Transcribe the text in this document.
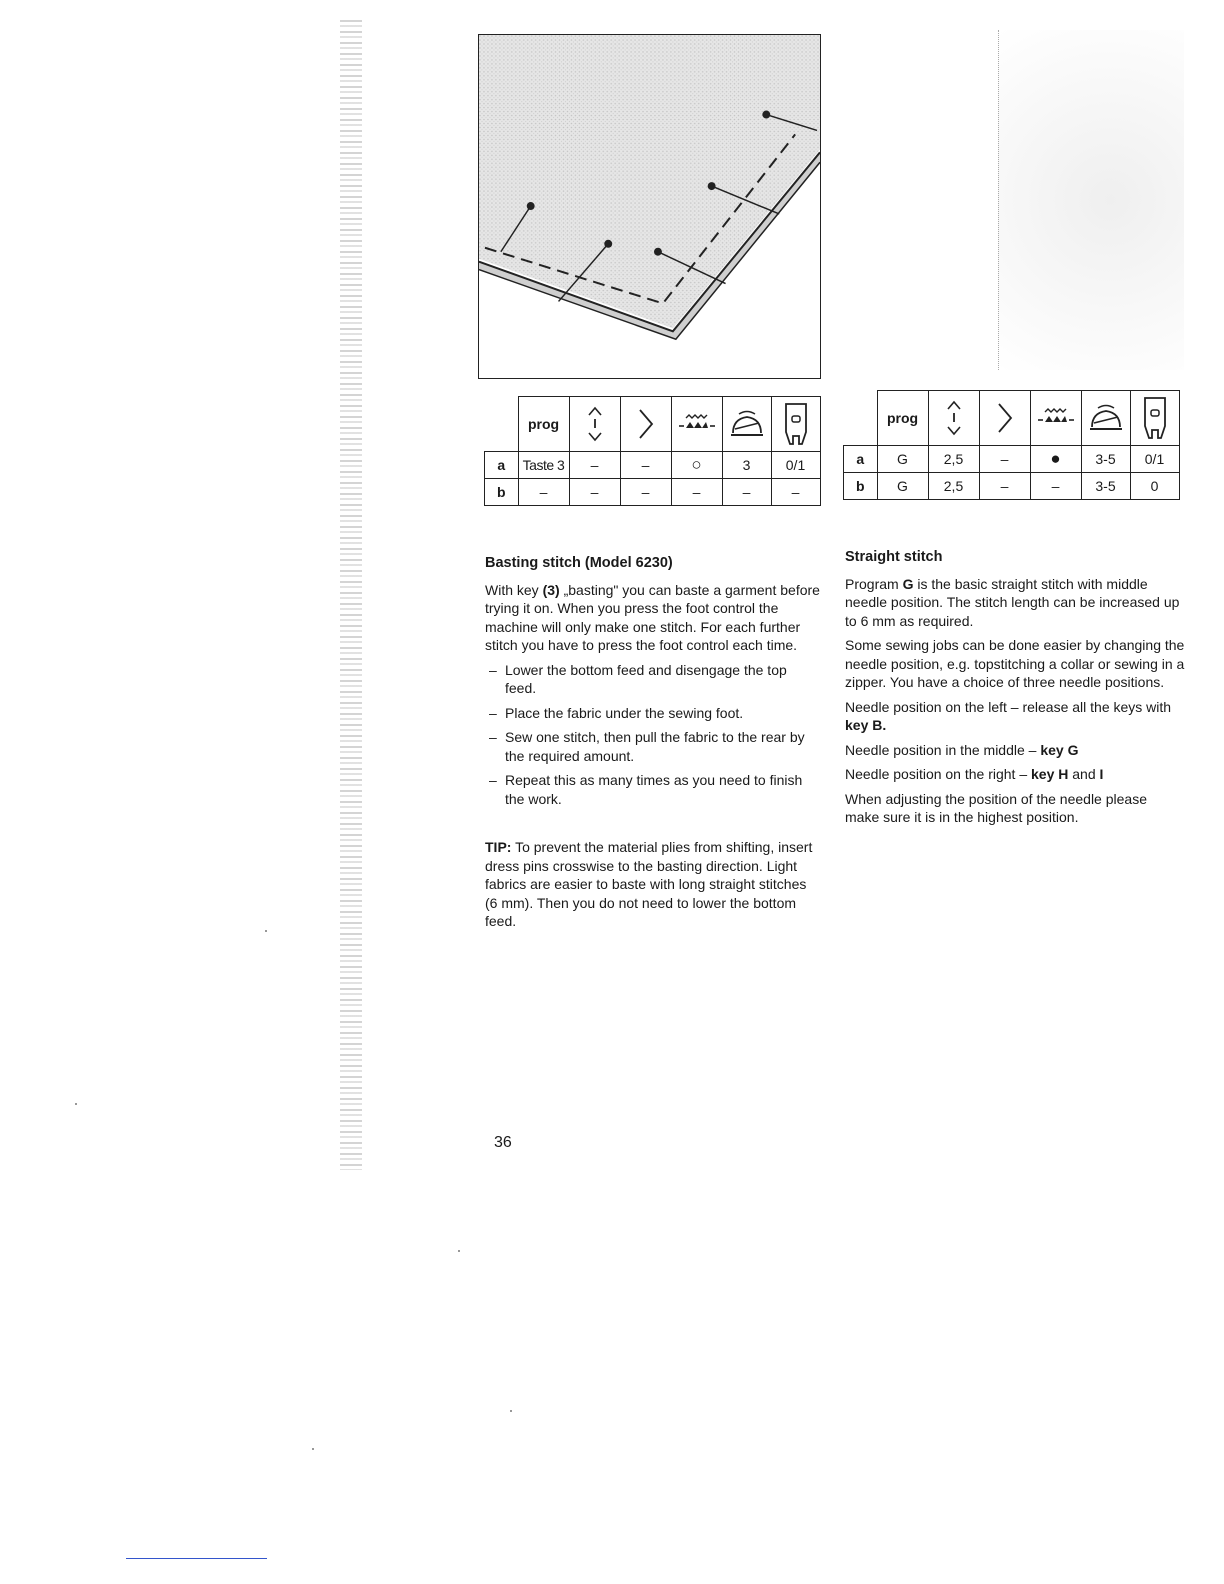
	prog	

a	Taste 3	–	–	○	3	0/1
b	–	–	–	–	–	–
	prog	

a	G	2,5	–	●	3-5	0/1
b	G	2,5	–	–	3-5	0
Basting stitch (Model 6230)

With key (3) „basting" you can baste a garment before trying it on. When you press the foot control the machine will only make one stitch. For each further stitch you have to press the foot control each time.

– Lower the bottom feed and disengage the top feed.
– Place the fabric under the sewing foot.
– Sew one stitch, then pull the fabric to the rear by the required amount.
– Repeat this as many times as you need to finish the work.

TIP: To prevent the material plies from shifting, insert dress pins crosswise to the basting direction. Light fabrics are easier to baste with long straight stitches (6 mm). Then you do not need to lower the bottom feed.

Straight stitch

Program G is the basic straight stitch with middle needle position. The stitch length can be increased up to 6 mm as required.

Some sewing jobs can be done easier by changing the needle position, e.g. topstitching a collar or sewing in a zipper. You have a choice of three needle positions.

Needle position on the left – release all the keys with key B.

Needle position in the middle – key G

Needle position on the right – key H and I

When adjusting the position of the needle please make sure it is in the highest position.

36
